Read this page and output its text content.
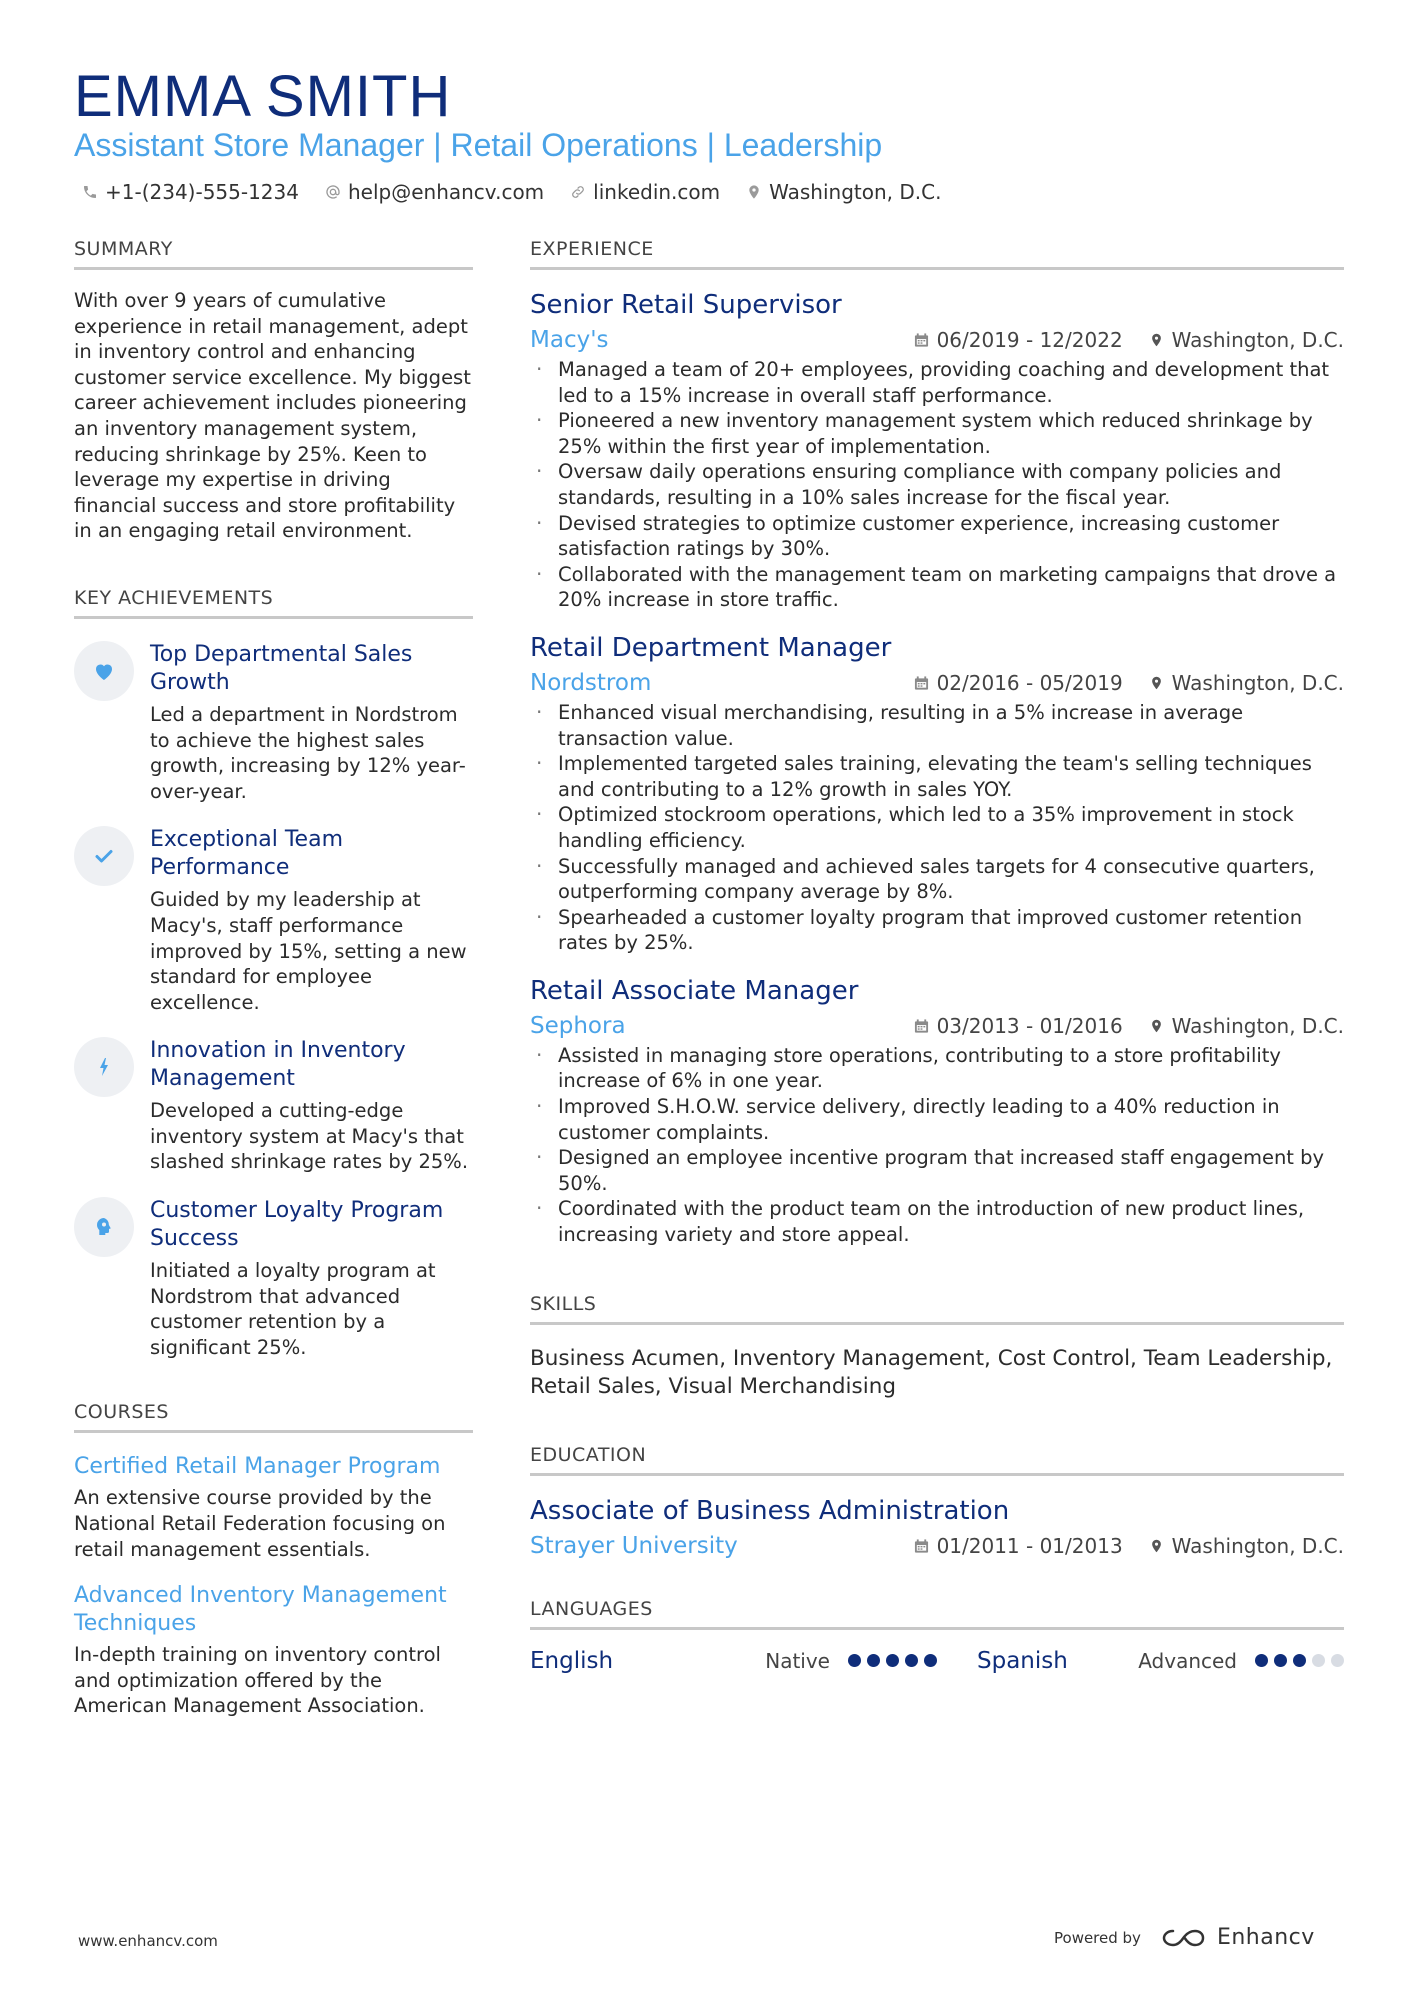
EMMA SMITH
Assistant Store Manager | Retail Operations | Leadership
+1-(234)-555-1234 help@enhancv.com linkedin.com Washington, D.C.
SUMMARY
With over 9 years of cumulative experience in retail management, adept in inventory control and enhancing customer service excellence. My biggest career achievement includes pioneering an inventory management system, reducing shrinkage by 25%. Keen to leverage my expertise in driving financial success and store profitability in an engaging retail environment.
KEY ACHIEVEMENTS
Top Departmental Sales Growth
Led a department in Nordstrom to achieve the highest sales growth, increasing by 12% year-over-year.
Exceptional Team Performance
Guided by my leadership at Macy's, staff performance improved by 15%, setting a new standard for employee excellence.
Innovation in Inventory Management
Developed a cutting-edge inventory system at Macy's that slashed shrinkage rates by 25%.
Customer Loyalty Program Success
Initiated a loyalty program at Nordstrom that advanced customer retention by a significant 25%.
COURSES
Certified Retail Manager Program
An extensive course provided by the National Retail Federation focusing on retail management essentials.
Advanced Inventory Management Techniques
In-depth training on inventory control and optimization offered by the American Management Association.
EXPERIENCE
Senior Retail Supervisor
Macy's	06/2019 - 12/2022 Washington, D.C.
· Managed a team of 20+ employees, providing coaching and development that led to a 15% increase in overall staff performance.
· Pioneered a new inventory management system which reduced shrinkage by 25% within the first year of implementation.
· Oversaw daily operations ensuring compliance with company policies and standards, resulting in a 10% sales increase for the fiscal year.
· Devised strategies to optimize customer experience, increasing customer satisfaction ratings by 30%.
· Collaborated with the management team on marketing campaigns that drove a 20% increase in store traffic.
Retail Department Manager
Nordstrom	02/2016 - 05/2019 Washington, D.C.
· Enhanced visual merchandising, resulting in a 5% increase in average transaction value.
· Implemented targeted sales training, elevating the team's selling techniques and contributing to a 12% growth in sales YOY.
· Optimized stockroom operations, which led to a 35% improvement in stock handling efficiency.
· Successfully managed and achieved sales targets for 4 consecutive quarters, outperforming company average by 8%.
· Spearheaded a customer loyalty program that improved customer retention rates by 25%.
Retail Associate Manager
Sephora	03/2013 - 01/2016 Washington, D.C.
· Assisted in managing store operations, contributing to a store profitability increase of 6% in one year.
· Improved S.H.O.W. service delivery, directly leading to a 40% reduction in customer complaints.
· Designed an employee incentive program that increased staff engagement by 50%.
· Coordinated with the product team on the introduction of new product lines, increasing variety and store appeal.
SKILLS
Business Acumen, Inventory Management, Cost Control, Team Leadership, Retail Sales, Visual Merchandising
EDUCATION
Associate of Business Administration
Strayer University	01/2011 - 01/2013 Washington, D.C.
LANGUAGES
English	Native	Spanish	Advanced
www.enhancv.com	Powered by	Enhancv
